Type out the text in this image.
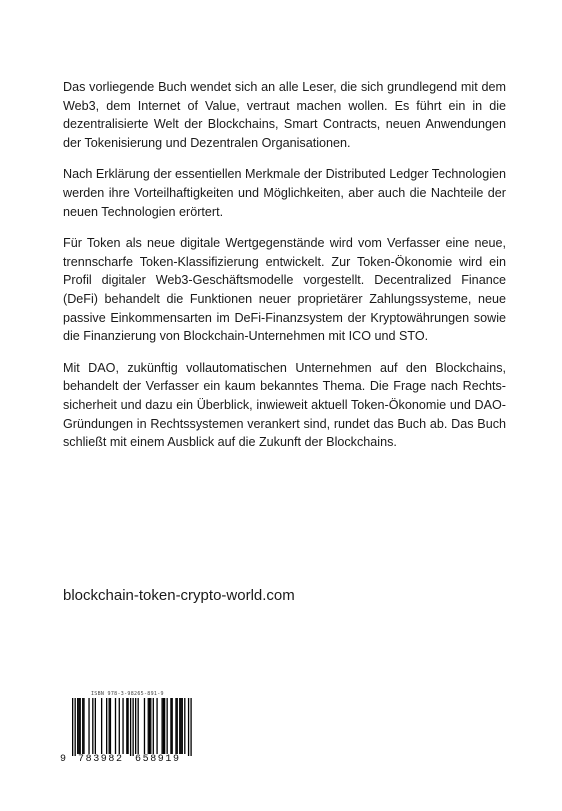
Das vorliegende Buch wendet sich an alle Leser, die sich grundlegend mit dem Web3, dem Internet of Value, vertraut machen wollen. Es führt ein in die dezentralisierte Welt der Blockchains, Smart Contracts, neuen Anwendungen der Tokenisierung und Dezentralen Organisationen.

Nach Erklärung der essentiellen Merkmale der Distributed Ledger Technologien werden ihre Vorteilhaftigkeiten und Möglichkeiten, aber auch die Nachteile der neuen Technologien erörtert.

Für Token als neue digitale Wertgegenstände wird vom Verfasser eine neue, trennscharfe Token-Klassifizierung entwickelt. Zur Token-Ökonomie wird ein Profil digitaler Web3-Geschäftsmodelle vorgestellt. Decentralized Finance (DeFi) behandelt die Funktionen neuer proprietärer Zahlungssysteme, neue passive Einkommensarten im DeFi-Finanzsystem der Kryptowährungen sowie die Finanzierung von Blockchain-Unternehmen mit ICO und STO.

Mit DAO, zukünftig vollautomatischen Unternehmen auf den Blockchains, behandelt der Verfasser ein kaum bekanntes Thema. Die Frage nach Rechtssicherheit und dazu ein Überblick, inwieweit aktuell Token-Ökonomie und DAO-Gründungen in Rechtssystemen verankert sind, rundet das Buch ab. Das Buch schließt mit einem Ausblick auf die Zukunft der Blockchains.

blockchain-token-crypto-world.com
ISBN 978-3-98265-891-9
9 783982 658919
